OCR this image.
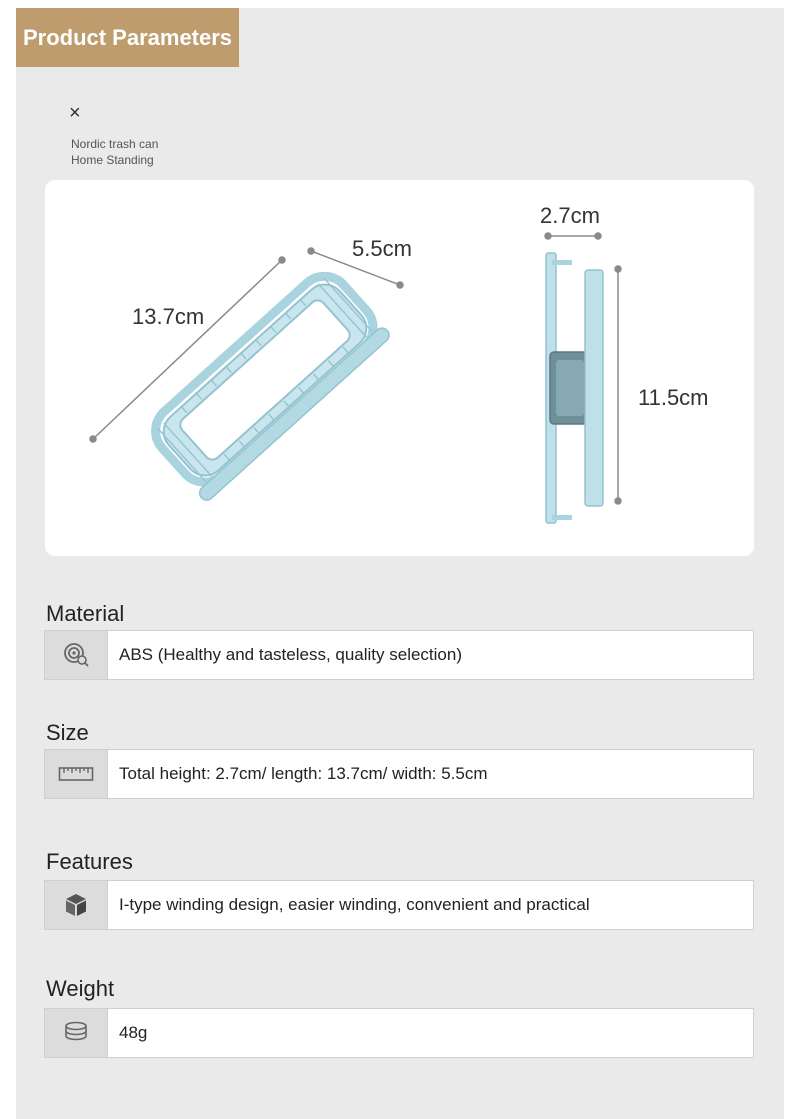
Product Parameters
×
Nordic trash can
Home Standing
13.7cm
5.5cm
2.7cm
11.5cm
Material
ABS (Healthy and tasteless, quality selection)
Size
Total height: 2.7cm/ length: 13.7cm/ width: 5.5cm
Features
I-type winding design, easier winding, convenient and practical
Weight
48g
